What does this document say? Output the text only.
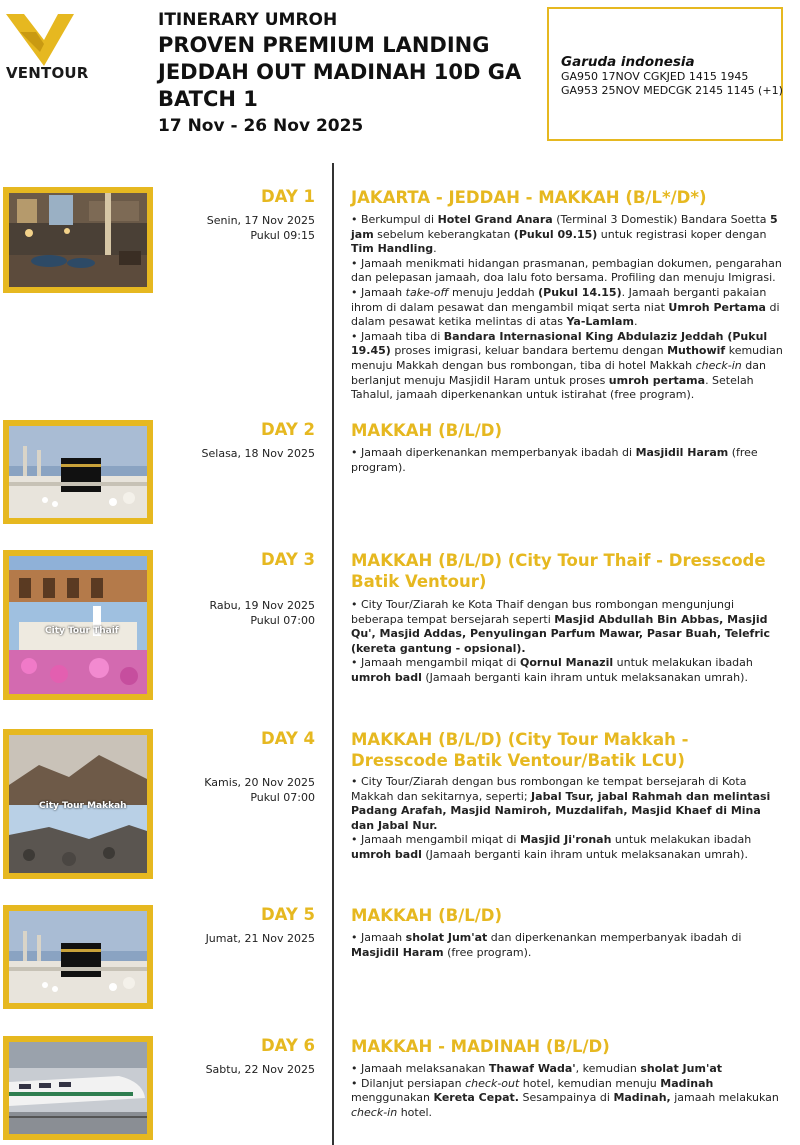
VENTOUR
ITINERARY UMROH
PROVEN PREMIUM LANDING
JEDDAH OUT MADINAH 10D GA
BATCH 1
17 Nov - 26 Nov 2025
Garuda indonesia
GA950 17NOV CGKJED 1415 1945
GA953 25NOV MEDCGK 2145 1145 (+1)
DAY 1
Senin, 17 Nov 2025
Pukul 09:15
JAKARTA - JEDDAH - MAKKAH (B/L*/D*)

• Berkumpul di Hotel Grand Anara (Terminal 3 Domestik) Bandara Soetta 5 jam sebelum keberangkatan (Pukul 09.15) untuk registrasi koper dengan Tim Handling.

• Jamaah menikmati hidangan prasmanan, pembagian dokumen, pengarahan dan pelepasan jamaah, doa lalu foto bersama. Profiling dan menuju Imigrasi.

• Jamaah take-off menuju Jeddah (Pukul 14.15). Jamaah berganti pakaian ihrom di dalam pesawat dan mengambil miqat serta niat Umroh Pertama di dalam pesawat ketika melintas di atas Ya-Lamlam.

• Jamaah tiba di Bandara Internasional King Abdulaziz Jeddah (Pukul 19.45) proses imigrasi, keluar bandara bertemu dengan Muthowif kemudian menuju Makkah dengan bus rombongan, tiba di hotel Makkah check-in dan berlanjut menuju Masjidil Haram untuk proses umroh pertama. Setelah Tahalul, jamaah diperkenankan untuk istirahat (free program).

DAY 2
Selasa, 18 Nov 2025
MAKKAH (B/L/D)

• Jamaah diperkenankan memperbanyak ibadah di Masjidil Haram (free program).

City Tour Thaif
DAY 3
Rabu, 19 Nov 2025
Pukul 07:00
MAKKAH (B/L/D) (City Tour Thaif - Dresscode Batik Ventour)

• City Tour/Ziarah ke Kota Thaif dengan bus rombongan mengunjungi beberapa tempat bersejarah seperti Masjid Abdullah Bin Abbas, Masjid Qu', Masjid Addas, Penyulingan Parfum Mawar, Pasar Buah, Telefric (kereta gantung - opsional).

• Jamaah mengambil miqat di Qornul Manazil untuk melakukan ibadah umroh badl (Jamaah berganti kain ihram untuk melaksanakan umrah).

City Tour Makkah
DAY 4
Kamis, 20 Nov 2025
Pukul 07:00
MAKKAH (B/L/D) (City Tour Makkah - Dresscode Batik Ventour/Batik LCU)

• City Tour/Ziarah dengan bus rombongan ke tempat bersejarah di Kota Makkah dan sekitarnya, seperti; Jabal Tsur, jabal Rahmah dan melintasi Padang Arafah, Masjid Namiroh, Muzdalifah, Masjid Khaef di Mina dan Jabal Nur.

• Jamaah mengambil miqat di Masjid Ji'ronah untuk melakukan ibadah umroh badl (Jamaah berganti kain ihram untuk melaksanakan umrah).

DAY 5
Jumat, 21 Nov 2025
MAKKAH (B/L/D)

• Jamaah sholat Jum'at dan diperkenankan memperbanyak ibadah di Masjidil Haram (free program).

DAY 6
Sabtu, 22 Nov 2025
MAKKAH - MADINAH (B/L/D)

• Jamaah melaksanakan Thawaf Wada', kemudian sholat Jum'at

• Dilanjut persiapan check-out hotel, kemudian menuju Madinah menggunakan Kereta Cepat. Sesampainya di Madinah, jamaah melakukan check-in hotel.
